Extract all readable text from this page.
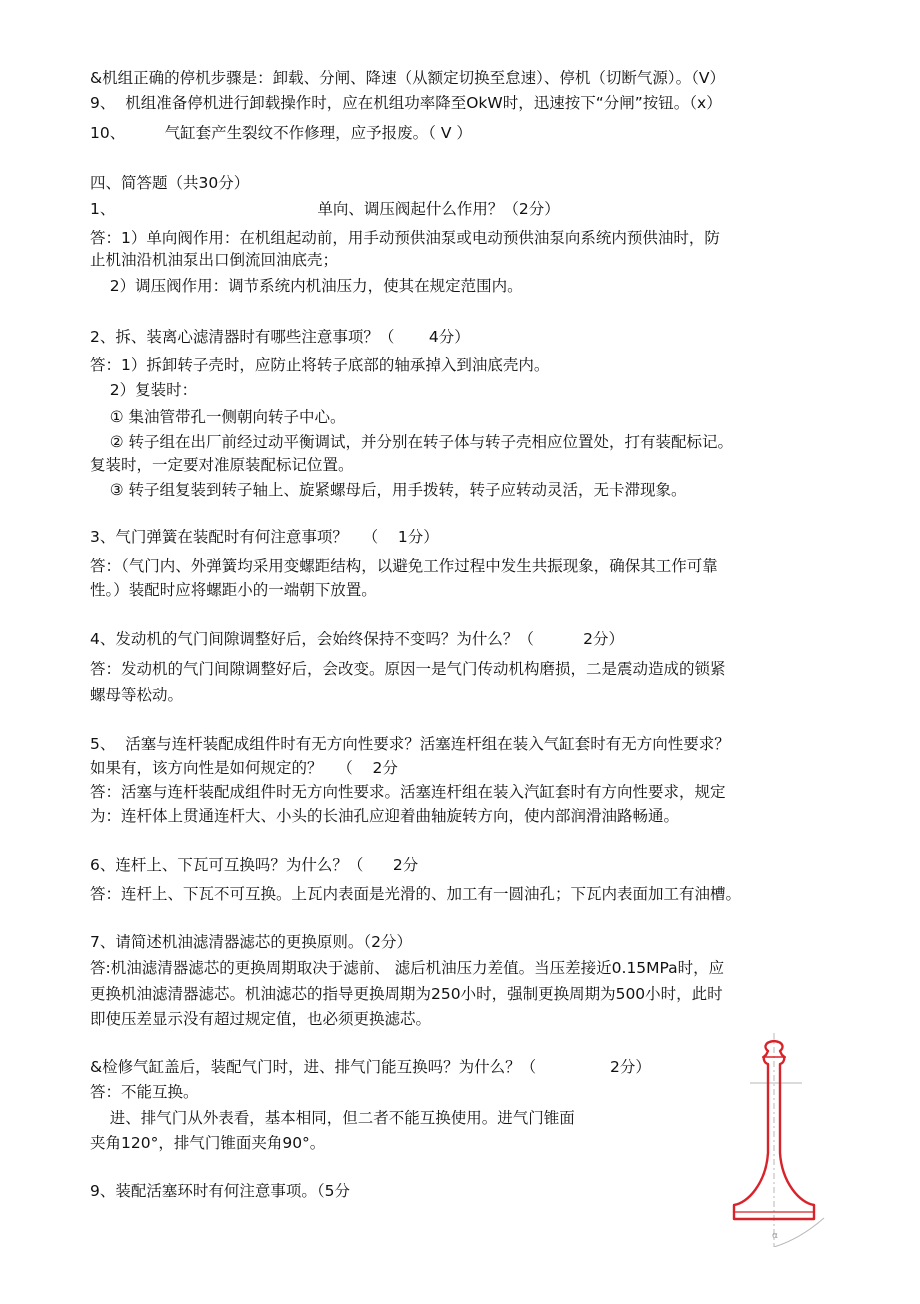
&机组正确的停机步骤是：卸载、分闸、降速（从额定切换至怠速）、停机（切断气源）。（V）
9、  机组准备停机进行卸载操作时，应在机组功率降至OkW时，迅速按下“分闸”按钮。（x）
10、        气缸套产生裂纹不作修理，应予报废。（ V ）
四、简答题（共30分）
1、                                         单向、调压阀起什么作用？（2分）
答：1）单向阀作用：在机组起动前，用手动预供油泵或电动预供油泵向系统内预供油时，防
止机油沿机油泵出口倒流回油底壳；
2）调压阀作用：调节系统内机油压力，使其在规定范围内。
2、拆、装离心滤清器时有哪些注意事项？（       4分）
答：1）拆卸转子壳时，应防止将转子底部的轴承掉入到油底壳内。
2）复装时：
① 集油管带孔一侧朝向转子中心。
② 转子组在出厂前经过动平衡调试，并分别在转子体与转子壳相应位置处，打有装配标记。
复装时，一定要对准原装配标记位置。
③ 转子组复装到转子轴上、旋紧螺母后，用手拨转，转子应转动灵活，无卡滞现象。
3、气门弹簧在装配时有何注意事项？   （    1分）
答：（气门内、外弹簧均采用变螺距结构，以避免工作过程中发生共振现象，确保其工作可靠
性。）装配时应将螺距小的一端朝下放置。
4、发动机的气门间隙调整好后，会始终保持不变吗？为什么？（          2分）
答：发动机的气门间隙调整好后，会改变。原因一是气门传动机构磨损，二是震动造成的锁紧
螺母等松动。
5、  活塞与连杆装配成组件时有无方向性要求？活塞连杆组在装入气缸套时有无方向性要求？
如果有，该方向性是如何规定的？   （    2分
答：活塞与连杆装配成组件时无方向性要求。活塞连杆组在装入汽缸套时有方向性要求，规定
为：连杆体上贯通连杆大、小头的长油孔应迎着曲轴旋转方向，使内部润滑油路畅通。
6、连杆上、下瓦可互换吗？为什么？（      2分
答：连杆上、下瓦不可互换。上瓦内表面是光滑的、加工有一圆油孔；下瓦内表面加工有油槽。
7、请简述机油滤清器滤芯的更换原则。（2分）
答:机油滤清器滤芯的更换周期取决于滤前、 滤后机油压力差值。当压差接近0.15MPa时，应
更换机油滤清器滤芯。机油滤芯的指导更换周期为250小时，强制更换周期为500小时，此时
即使压差显示没有超过规定值，也必须更换滤芯。
&检修气缸盖后，装配气门时，进、排气门能互换吗？为什么？（               2分）
答：不能互换。
进、排气门从外表看，基本相同，但二者不能互换使用。进气门锥面
夹角120°，排气门锥面夹角90°。
9、装配活塞环时有何注意事项。（5分
α
